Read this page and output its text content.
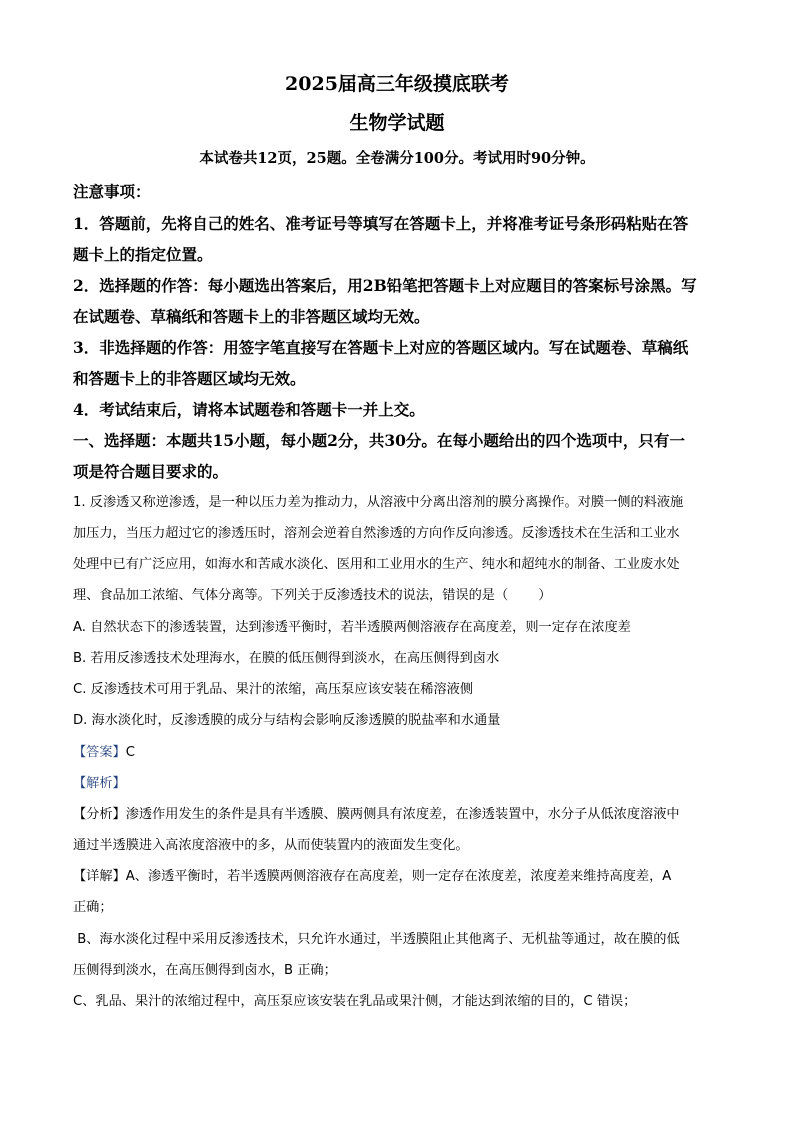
2025届高三年级摸底联考
生物学试题
本试卷共12页，25题。全卷满分100分。考试用时90分钟。
注意事项：
1．答题前，先将自己的姓名、准考证号等填写在答题卡上，并将准考证号条形码粘贴在答
题卡上的指定位置。
2．选择题的作答：每小题选出答案后，用2B铅笔把答题卡上对应题目的答案标号涂黑。写
在试题卷、草稿纸和答题卡上的非答题区域均无效。
3．非选择题的作答：用签字笔直接写在答题卡上对应的答题区域内。写在试题卷、草稿纸
和答题卡上的非答题区域均无效。
4．考试结束后，请将本试题卷和答题卡一并上交。
一、选择题：本题共15小题，每小题2分，共30分。在每小题给出的四个选项中，只有一
项是符合题目要求的。
1. 反渗透又称逆渗透，是一种以压力差为推动力，从溶液中分离出溶剂的膜分离操作。对膜一侧的料液施
加压力，当压力超过它的渗透压时，溶剂会逆着自然渗透的方向作反向渗透。反渗透技术在生活和工业水
处理中已有广泛应用，如海水和苦咸水淡化、医用和工业用水的生产、纯水和超纯水的制备、工业废水处
理、食品加工浓缩、气体分离等。下列关于反渗透技术的说法，错误的是（ ）
A. 自然状态下的渗透装置，达到渗透平衡时，若半透膜两侧溶液存在高度差，则一定存在浓度差
B. 若用反渗透技术处理海水，在膜的低压侧得到淡水，在高压侧得到卤水
C. 反渗透技术可用于乳品、果汁的浓缩，高压泵应该安装在稀溶液侧
D. 海水淡化时，反渗透膜的成分与结构会影响反渗透膜的脱盐率和水通量
【答案】C
【解析】
【分析】渗透作用发生的条件是具有半透膜、膜两侧具有浓度差，在渗透装置中，水分子从低浓度溶液中
通过半透膜进入高浓度溶液中的多，从而使装置内的液面发生变化。
【详解】A、渗透平衡时，若半透膜两侧溶液存在高度差，则一定存在浓度差，浓度差来维持高度差，A
正确；
B、海水淡化过程中采用反渗透技术，只允许水通过，半透膜阻止其他离子、无机盐等通过，故在膜的低
压侧得到淡水，在高压侧得到卤水，B 正确；
C、乳品、果汁的浓缩过程中，高压泵应该安装在乳品或果汁侧，才能达到浓缩的目的，C 错误；
